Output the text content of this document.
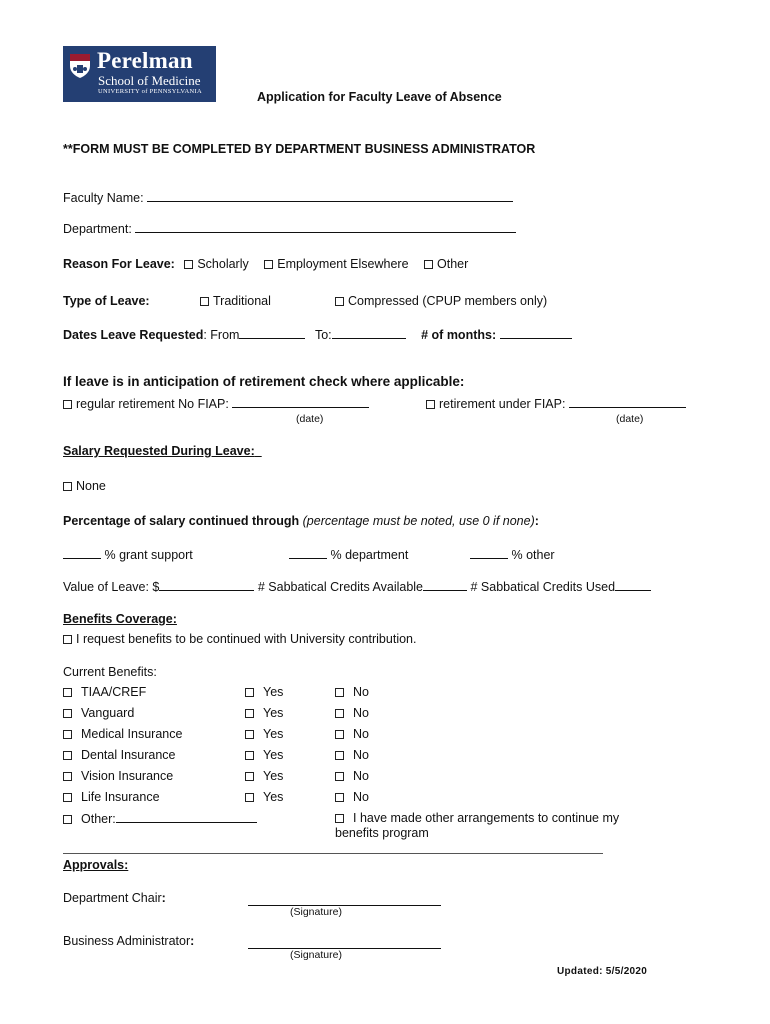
Perelman
School of Medicine
UNIVERSITY of PENNSYLVANIA	Application for Faculty Leave of Absence
**FORM MUST BE COMPLETED BY DEPARTMENT BUSINESS ADMINISTRATOR
Faculty Name:
Department:
Reason For Leave: Scholarly Employment Elsewhere Other
Type of Leave:	Traditional	Compressed (CPUP members only)
Dates Leave Requested: From	To:	# of months:
If leave is in anticipation of retirement check where applicable:
regular retirement No FIAP:
(date)
retirement under FIAP:
(date)
Salary Requested During Leave:
None
Percentage of salary continued through (percentage must be noted, use 0 if none):
% grant support	% department	% other
Value of Leave: $	# Sabbatical Credits Available	# Sabbatical Credits Used
Benefits Coverage:
I request benefits to be continued with University contribution.
Current Benefits:
TIAA/CREF	Yes	No
Vanguard	Yes	No
Medical Insurance	Yes	No
Dental Insurance	Yes	No
Vision Insurance	Yes	No
Life Insurance	Yes	No
Other:	I have made other arrangements to continue my
benefits program
Approvals:
Department Chair:
(Signature)
Business Administrator:
(Signature)
Updated: 5/5/2020
